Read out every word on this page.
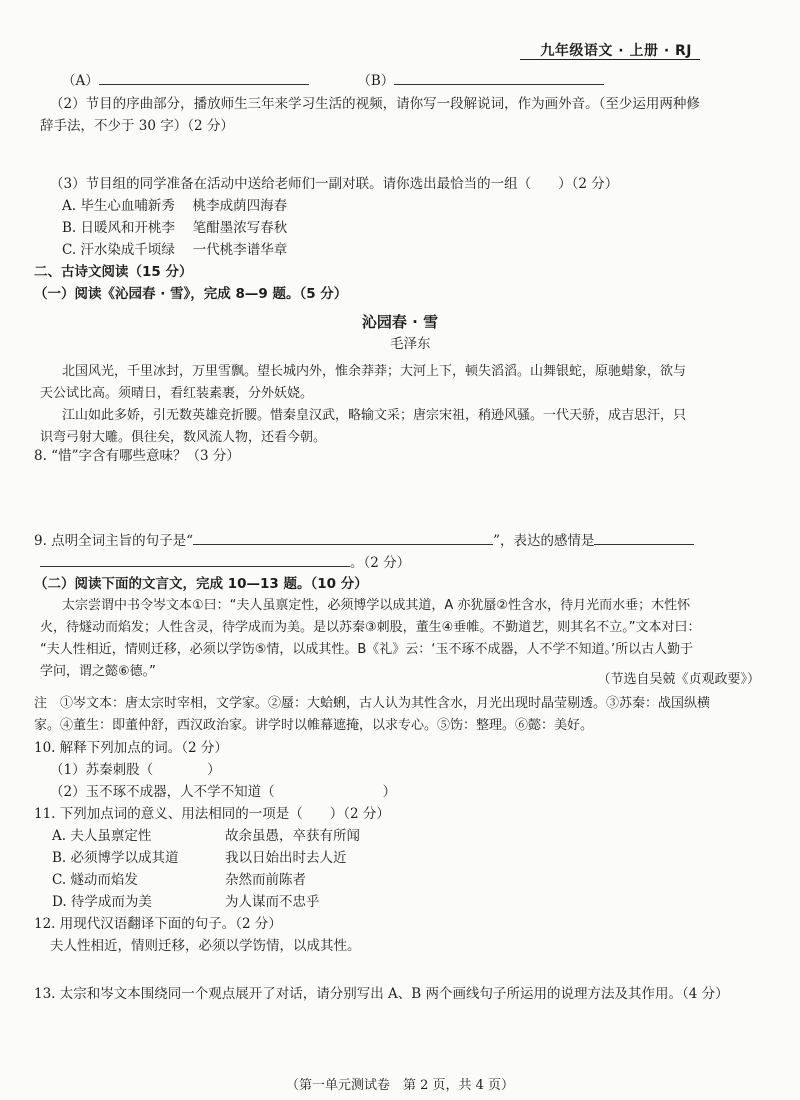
九年级语文 · 上册 · RJ
（A）	（B）
（2）节目的序曲部分，播放师生三年来学习生活的视频，请你写一段解说词，作为画外音。（至少运用两种修
辞手法，不少于 30 字）（2 分）
（3）节目组的同学准备在活动中送给老师们一副对联。请你选出最恰当的一组（　　）（2 分）
A. 毕生心血哺新秀　 桃李成荫四海春
B. 日暖风和开桃李　 笔酣墨浓写春秋
C. 汗水染成千顷绿　 一代桃李谱华章
二、古诗文阅读（15 分）
（一）阅读《沁园春 · 雪》，完成 8—9 题。（5 分）
沁园春 · 雪
毛泽东
北国风光，千里冰封，万里雪飘。望长城内外，惟余莽莽；大河上下，顿失滔滔。山舞银蛇，原驰蜡象，欲与
天公试比高。须晴日，看红装素裹，分外妖娆。
江山如此多娇，引无数英雄竞折腰。惜秦皇汉武，略输文采；唐宗宋祖，稍逊风骚。一代天骄，成吉思汗，只
识弯弓射大雕。俱往矣，数风流人物，还看今朝。
8. “惜”字含有哪些意味？（3 分）
9. 点明全词主旨的句子是“	”，表达的感情是
。（2 分）
（二）阅读下面的文言文，完成 10—13 题。（10 分）
太宗尝谓中书令岑文本①曰：“夫人虽禀定性，必须博学以成其道，A 亦犹蜃②性含水，待月光而水垂；木性怀
火，待燧动而焰发；人性含灵，待学成而为美。是以苏秦③刺股，董生④垂帷。不勤道艺，则其名不立。”文本对曰：
“夫人性相近，情则迁移，必须以学饬⑤情，以成其性。B《礼》云：‘玉不琢不成器，人不学不知道。’所以古人勤于
学问，谓之懿⑥德。”
（节选自吴兢《贞观政要》）
注　①岑文本：唐太宗时宰相，文学家。②蜃：大蛤蜊，古人认为其性含水，月光出现时晶莹剔透。③苏秦：战国纵横
家。④董生：即董仲舒，西汉政治家。讲学时以帷幕遮掩，以求专心。⑤饬：整理。⑥懿：美好。
10. 解释下列加点的词。（2 分）
（1）苏秦刺股（　　　　）
（2）玉不琢不成器，人不学不知道（　　　　　　　　）
11. 下列加点词的意义、用法相同的一项是（　　）（2 分）
A. 夫人虽禀定性	故余虽愚，卒获有所闻
B. 必须博学以成其道	我以日始出时去人近
C. 燧动而焰发	杂然而前陈者
D. 待学成而为美	为人谋而不忠乎
12. 用现代汉语翻译下面的句子。（2 分）
夫人性相近，情则迁移，必须以学饬情，以成其性。
13. 太宗和岑文本围绕同一个观点展开了对话，请分别写出 A、B 两个画线句子所运用的说理方法及其作用。（4 分）
（第一单元测试卷　第 2 页，共 4 页）
